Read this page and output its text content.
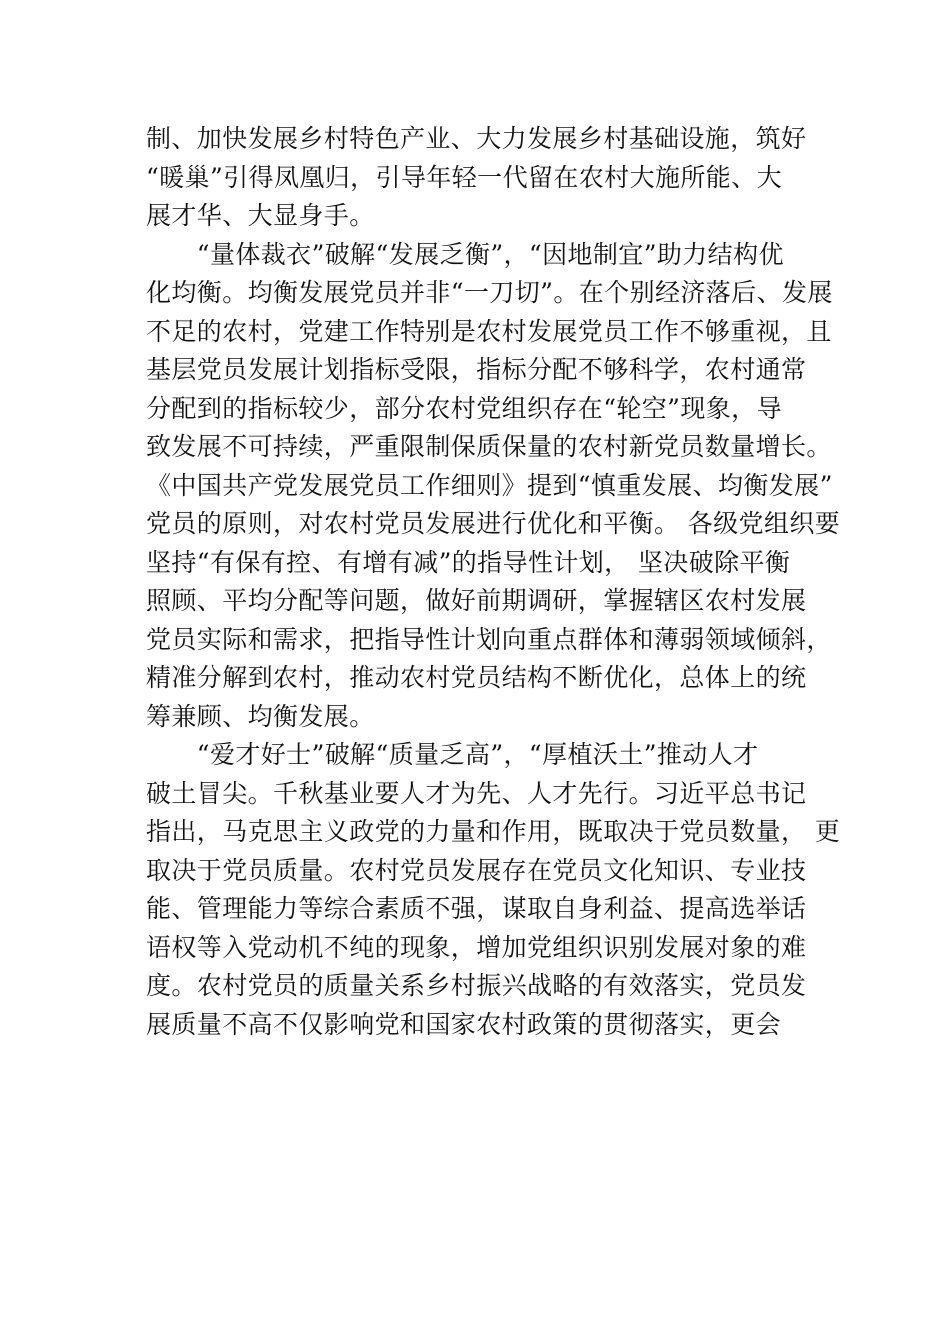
制、加快发展乡村特色产业、大力发展乡村基础设施，筑好
“暖巢”引得凤凰归，引导年轻一代留在农村大施所能、大
展才华、大显身手。
　　“量体裁衣”破解“发展乏衡”，“因地制宜”助力结构优
化均衡。均衡发展党员并非“一刀切”。在个别经济落后、发展
不足的农村，党建工作特别是农村发展党员工作不够重视，且
基层党员发展计划指标受限，指标分配不够科学，农村通常
分配到的指标较少，部分农村党组织存在“轮空”现象，导
致发展不可持续，严重限制保质保量的农村新党员数量增长。
《中国共产党发展党员工作细则》提到“慎重发展、均衡发展”
党员的原则，对农村党员发展进行优化和平衡。 各级党组织要
坚持“有保有控、有增有减”的指导性计划， 坚决破除平衡
照顾、平均分配等问题，做好前期调研，掌握辖区农村发展
党员实际和需求，把指导性计划向重点群体和薄弱领域倾斜，
精准分解到农村，推动农村党员结构不断优化，总体上的统
筹兼顾、均衡发展。
　　“爱才好士”破解“质量乏高”，“厚植沃土”推动人才
破土冒尖。千秋基业要人才为先、人才先行。习近平总书记
指出，马克思主义政党的力量和作用，既取决于党员数量， 更
取决于党员质量。农村党员发展存在党员文化知识、专业技
能、管理能力等综合素质不强，谋取自身利益、提高选举话
语权等入党动机不纯的现象，增加党组织识别发展对象的难
度。农村党员的质量关系乡村振兴战略的有效落实，党员发
展质量不高不仅影响党和国家农村政策的贯彻落实，更会
